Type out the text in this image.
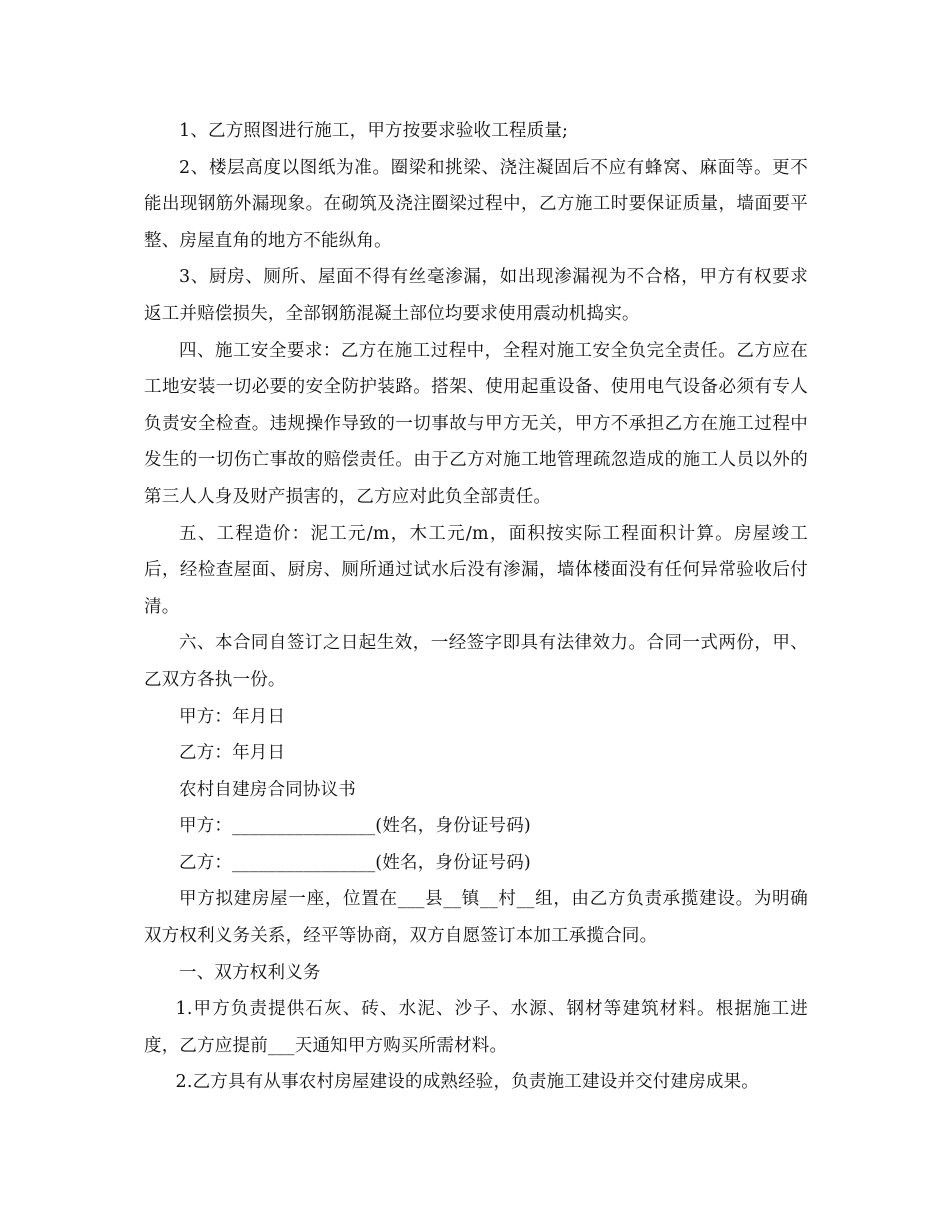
1、乙方照图进行施工，甲方按要求验收工程质量;

2、楼层高度以图纸为准。圈梁和挑梁、浇注凝固后不应有蜂窝、麻面等。更不能出现钢筋外漏现象。在砌筑及浇注圈梁过程中，乙方施工时要保证质量，墙面要平整、房屋直角的地方不能纵角。

3、厨房、厕所、屋面不得有丝毫渗漏，如出现渗漏视为不合格，甲方有权要求返工并赔偿损失，全部钢筋混凝土部位均要求使用震动机捣实。

四、施工安全要求：乙方在施工过程中，全程对施工安全负完全责任。乙方应在工地安装一切必要的安全防护装路。搭架、使用起重设备、使用电气设备必须有专人负责安全检查。违规操作导致的一切事故与甲方无关，甲方不承担乙方在施工过程中发生的一切伤亡事故的赔偿责任。由于乙方对施工地管理疏忽造成的施工人员以外的第三人人身及财产损害的，乙方应对此负全部责任。

五、工程造价：泥工元/m，木工元/m，面积按实际工程面积计算。房屋竣工后，经检查屋面、厨房、厕所通过试水后没有渗漏，墙体楼面没有任何异常验收后付清。

六、本合同自签订之日起生效，一经签字即具有法律效力。合同一式两份，甲、乙双方各执一份。

甲方：年月日

乙方：年月日

农村自建房合同协议书

甲方：________________(姓名，身份证号码)

乙方：________________(姓名，身份证号码)

甲方拟建房屋一座，位置在___县__镇__村__组，由乙方负责承揽建设。为明确双方权利义务关系，经平等协商，双方自愿签订本加工承揽合同。

一、双方权利义务

1.甲方负责提供石灰、砖、水泥、沙子、水源、钢材等建筑材料。根据施工进度，乙方应提前___天通知甲方购买所需材料。

2.乙方具有从事农村房屋建设的成熟经验，负责施工建设并交付建房成果。
